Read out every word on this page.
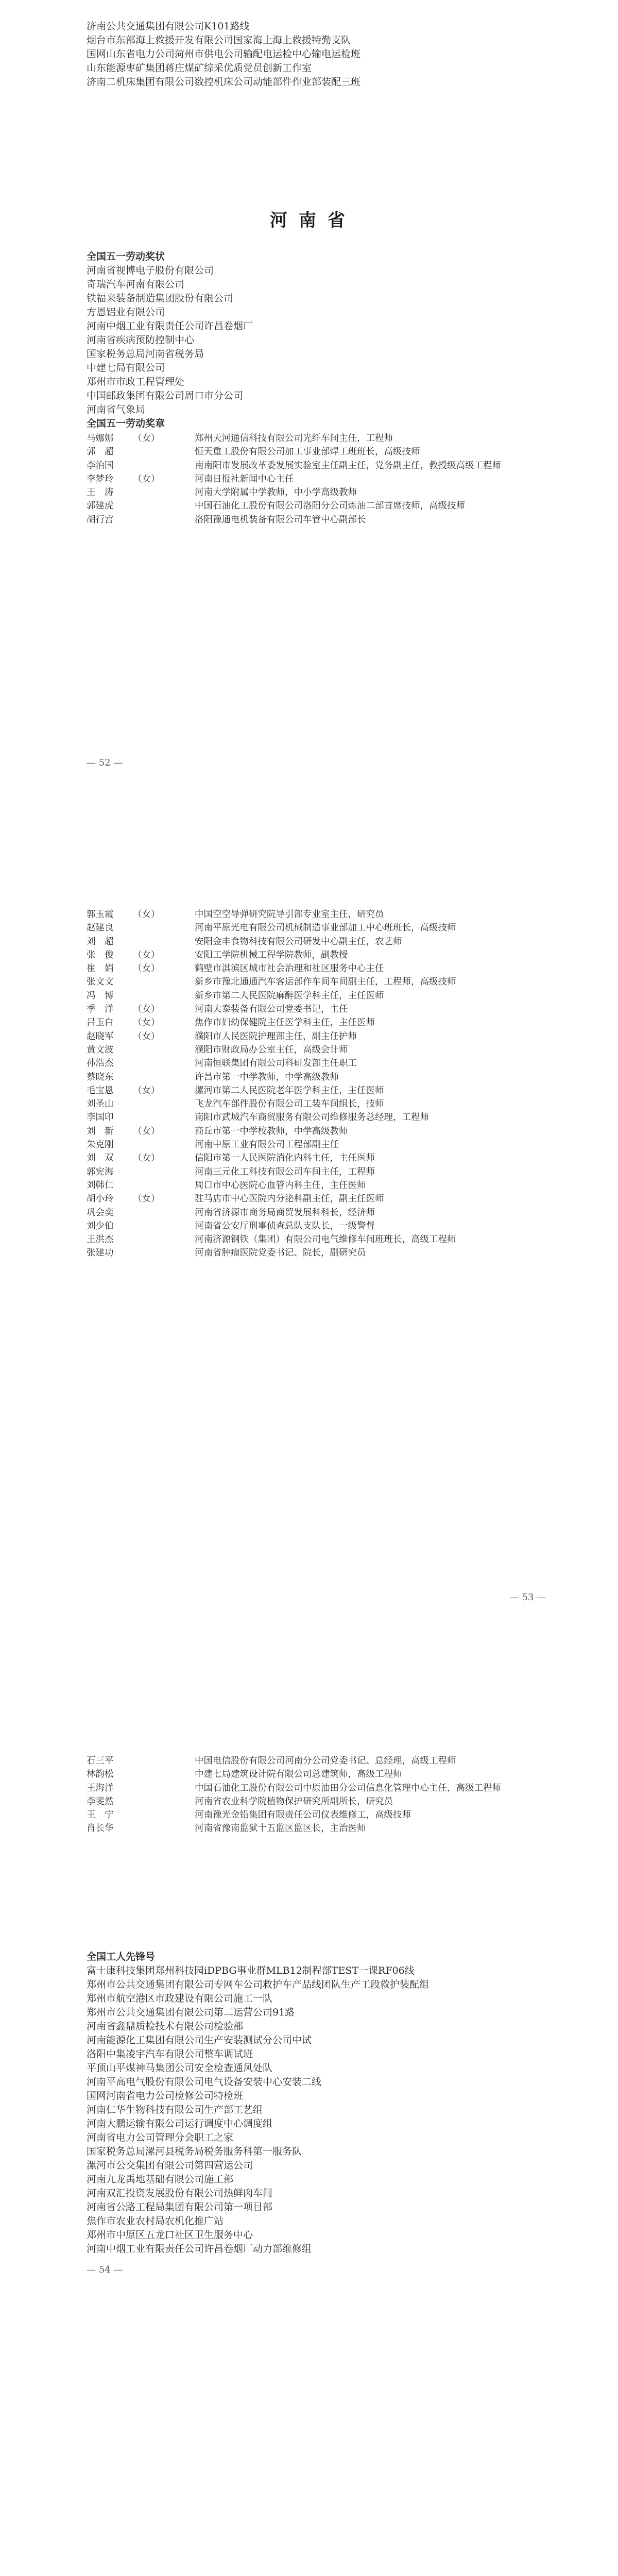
济南公共交通集团有限公司K101路线
烟台市东部海上救援开发有限公司国家海上海上救援特勤支队
国网山东省电力公司菏州市供电公司输配电运检中心输电运检班
山东能源枣矿集团蒋庄煤矿综采优质党员创新工作室
济南二机床集团有限公司数控机床公司动能部件作业部装配三班
河南省
全国五一劳动奖状
河南省视博电子股份有限公司
奇瑞汽车河南有限公司
铁福来装备制造集团股份有限公司
方恩铝业有限公司
河南中烟工业有限责任公司许昌卷烟厂
河南省疾病预防控制中心
国家税务总局河南省税务局
中建七局有限公司
郑州市市政工程管理处
中国邮政集团有限公司周口市分公司
河南省气象局
全国五一劳动奖章
马娜娜	（女）	郑州天河通信科技有限公司光纤车间主任，工程师
郭　超	恒天重工股份有限公司加工事业部焊工班班长，高级技师
李治国	南南阳市发展改革委发展实验室主任副主任，党务副主任，教授级高级工程师
李梦玲	（女）	河南日报社新闻中心主任
王　涛	河南大学附属中学教师，中小学高级教师
郭建虎	中国石油化工股份有限公司洛阳分公司炼油二部首席技师，高级技师
胡行宫	洛阳豫通电机装备有限公司车管中心副部长
— 52 —
郭玉霞	（女）	中国空空导弹研究院导引部专业室主任，研究员
赵建良	河南平原光电有限公司机械制造事业部加工中心班班长，高级技师
刘　超	安阳金丰食物科技有限公司研发中心副主任，农艺师
张　俊	（女）	安阳工学院机械工程学院教师，副教授
崔　娟	（女）	鹤壁市淇滨区城市社会治理和社区服务中心主任
张文文	新乡市豫北通通汽车客运部作车间车间副主任，工程师，高级技师
冯　博	新乡市第二人民医院麻醉医学科主任，主任医师
季　洋	（女）	河南大泰装备有限公司党委书记，主任
吕玉白	（女）	焦作市妇幼保健院主任医学科主任，主任医师
赵晓军	（女）	濮阳市人民医院护理部主任，副主任护师
黄文波	濮阳市财政局办公室主任，高级会计师
孙浩杰	河南恒联集团有限公司科研发部主任职工
蔡晓东	许昌市第一中学教师，中学高级教师
毛宝恩	（女）	漯河市第二人民医院老年医学科主任，主任医师
刘圣山	飞龙汽车部件股份有限公司工装车间组长，技师
李国印	南阳市武城汽车商贸服务有限公司维修服务总经理，工程师
刘　新	（女）	商丘市第一中学校教师，中学高级教师
朱克刚	河南中原工业有限公司工程部副主任
刘　双	（女）	信阳市第一人民医院消化内科主任，主任医师
郭宪海	河南三元化工科技有限公司车间主任，工程师
刘韩仁	周口市中心医院心血管内科主任，主任医师
胡小玲	（女）	驻马店市中心医院内分泌科副主任，副主任医师
巩会奕	河南省济源市商务局商贸发展科科长，经济师
刘少伯	河南省公安厅刑事侦查总队支队长，一级警督
王洪杰	河南济源钢铁（集团）有限公司电气维修车间班班长，高级工程师
张建功	河南省肿瘤医院党委书记、院长，副研究员
— 53 —
石三平	中国电信股份有限公司河南分公司党委书记、总经理，高级工程师
林韵松	中建七局建筑设计院有限公司总建筑师，高级工程师
王海洋	中国石油化工股份有限公司中原油田分公司信息化管理中心主任，高级工程师
李斐然	河南省农业科学院植物保护研究所副所长，研究员
王　宁	河南豫光金铅集团有限责任公司仪表维修工，高级技师
肖长华	河南省豫南监狱十五监区监区长，主治医师
全国工人先锋号
富士康科技集团郑州科技园iDPBG事业群MLB12制程部TEST一课RF06线
郑州市公共交通集团有限公司专网车公司救护车产品线团队生产工段救护装配组
郑州市航空港区市政建设有限公司施工一队
郑州市公共交通集团有限公司第二运营公司91路
河南省鑫鼎质检技术有限公司检验部
河南能源化工集团有限公司生产安装测试分公司中试
洛阳中集凌宇汽车有限公司整车调试班
平顶山平煤神马集团公司安全检查通风处队
河南平高电气股份有限公司电气设备安装中心安装二线
国网河南省电力公司检修公司特检班
河南仁华生物科技有限公司生产部工艺组
河南大鹏运输有限公司运行调度中心调度组
河南省电力公司管理分会职工之家
国家税务总局漯河县税务局税务服务科第一服务队
漯河市公交集团有限公司第四营运公司
河南九龙禹地基础有限公司施工部
河南双汇投资发展股份有限公司热鲜肉车间
河南省公路工程局集团有限公司第一项目部
焦作市农业农村局农机化推广站
郑州市中原区五龙口社区卫生服务中心
河南中烟工业有限责任公司许昌卷烟厂动力部维修组
— 54 —
